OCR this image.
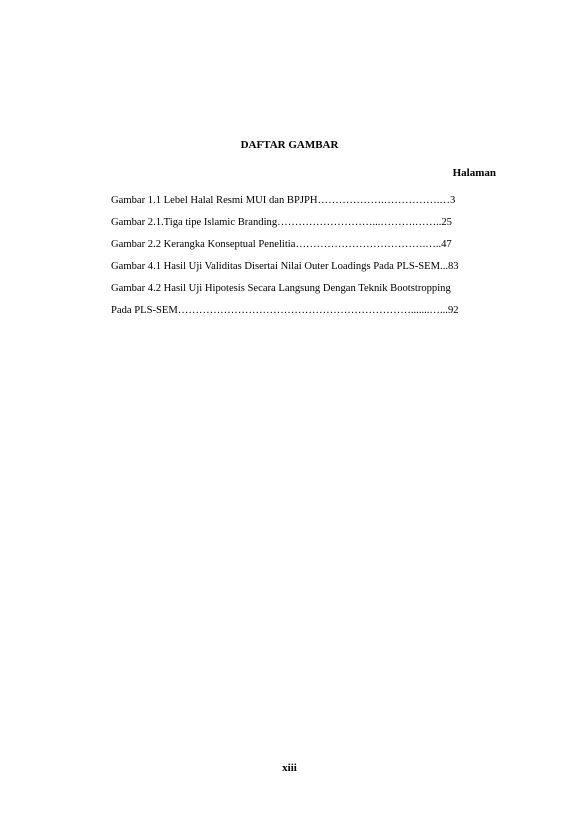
DAFTAR GAMBAR
Halaman
Gambar 1.1 Lebel Halal Resmi MUI dan BPJPH……………….…………….…3
Gambar 2.1.Tiga tipe Islamic Branding………………………...……….……..25
Gambar 2.2 Kerangka Konseptual Penelitia……………………………….…..47
Gambar 4.1 Hasil Uji Validitas Disertai Nilai Outer Loadings Pada PLS-SEM...83
Gambar 4.2 Hasil Uji Hipotesis Secara Langsung Dengan Teknik Bootstropping
Pada PLS-SEM………………………………………………………….......…...92
xiii
